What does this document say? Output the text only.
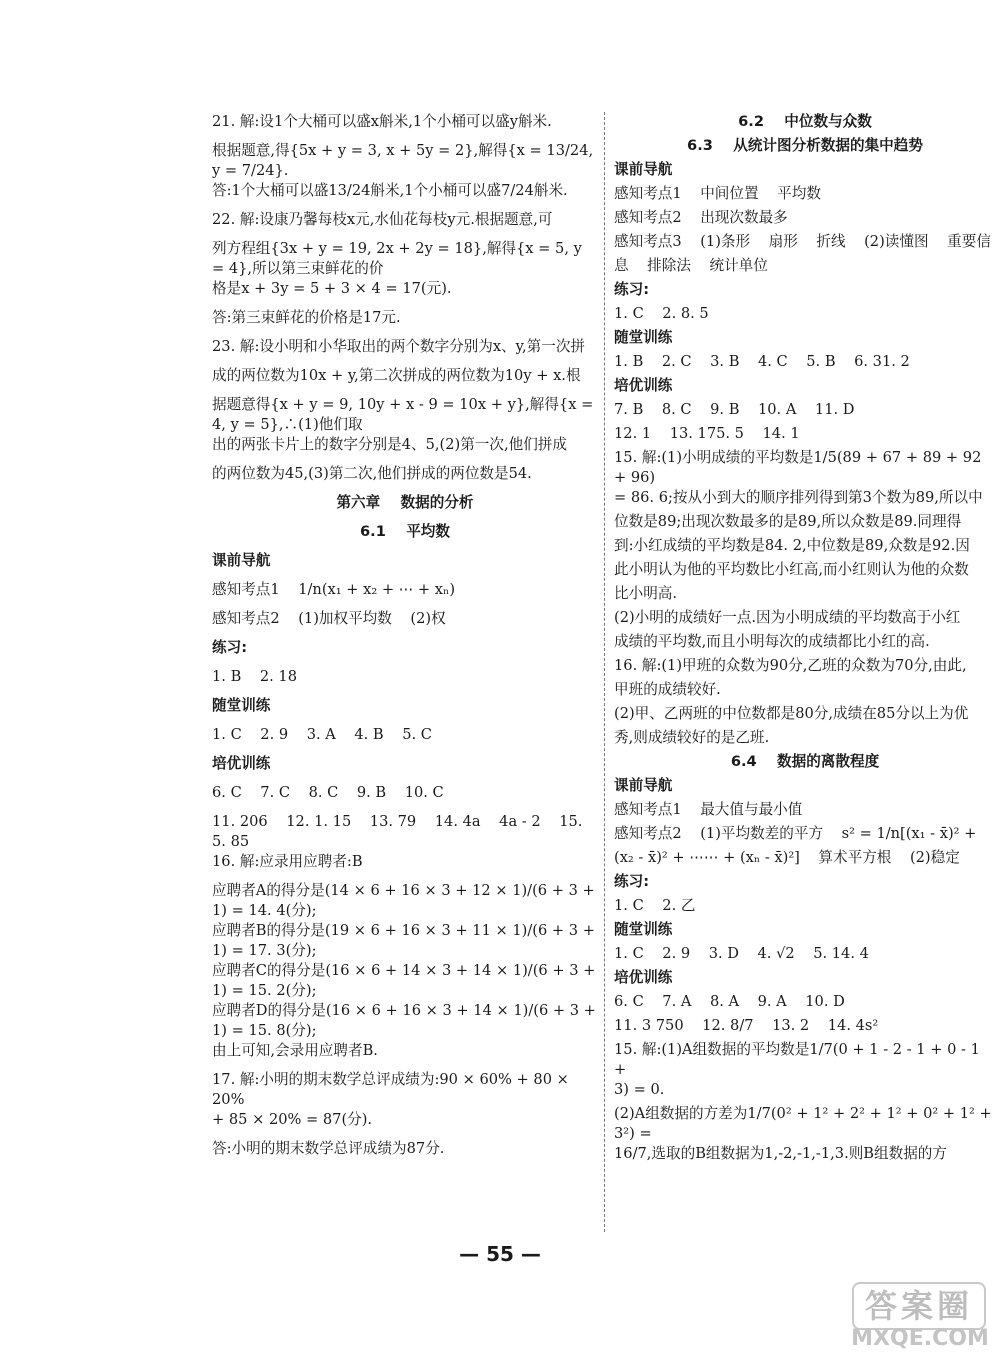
21. 解:设1个大桶可以盛x斛米,1个小桶可以盛y斛米.
根据题意,得{5x + y = 3, x + 5y = 2},解得{x = 13/24, y = 7/24}.
答:1个大桶可以盛13/24斛米,1个小桶可以盛7/24斛米.
22. 解:设康乃馨每枝x元,水仙花每枝y元.根据题意,可
列方程组{3x + y = 19, 2x + 2y = 18},解得{x = 5, y = 4},所以第三束鲜花的价
格是x + 3y = 5 + 3 × 4 = 17(元).
答:第三束鲜花的价格是17元.
23. 解:设小明和小华取出的两个数字分别为x、y,第一次拼
成的两位数为10x + y,第二次拼成的两位数为10y + x.根
据题意得{x + y = 9, 10y + x - 9 = 10x + y},解得{x = 4, y = 5},∴(1)他们取
出的两张卡片上的数字分别是4、5,(2)第一次,他们拼成
的两位数为45,(3)第二次,他们拼成的两位数是54.
第六章    数据的分析
6.1    平均数
课前导航
感知考点1    1/n(x₁ + x₂ + ⋯ + xₙ)
感知考点2    (1)加权平均数    (2)权
练习:
1. B    2. 18
随堂训练
1. C    2. 9    3. A    4. B    5. C
培优训练
6. C    7. C    8. C    9. B    10. C
11. 206    12. 1. 15    13. 79    14. 4a    4a - 2    15. 5. 85
16. 解:应录用应聘者:B
应聘者A的得分是(14 × 6 + 16 × 3 + 12 × 1)/(6 + 3 + 1) = 14. 4(分);
应聘者B的得分是(19 × 6 + 16 × 3 + 11 × 1)/(6 + 3 + 1) = 17. 3(分);
应聘者C的得分是(16 × 6 + 14 × 3 + 14 × 1)/(6 + 3 + 1) = 15. 2(分);
应聘者D的得分是(16 × 6 + 16 × 3 + 14 × 1)/(6 + 3 + 1) = 15. 8(分);
由上可知,会录用应聘者B.
17. 解:小明的期末数学总评成绩为:90 × 60% + 80 × 20%
+ 85 × 20% = 87(分).
答:小明的期末数学总评成绩为87分.
6.2    中位数与众数
6.3    从统计图分析数据的集中趋势
课前导航
感知考点1    中间位置    平均数
感知考点2    出现次数最多
感知考点3    (1)条形    扇形    折线    (2)读懂图    重要信
息    排除法    统计单位
练习:
1. C    2. 8. 5
随堂训练
1. B    2. C    3. B    4. C    5. B    6. 31. 2
培优训练
7. B    8. C    9. B    10. A    11. D
12. 1    13. 175. 5    14. 1
15. 解:(1)小明成绩的平均数是1/5(89 + 67 + 89 + 92 + 96)
= 86. 6;按从小到大的顺序排列得到第3个数为89,所以中
位数是89;出现次数最多的是89,所以众数是89.同理得
到:小红成绩的平均数是84. 2,中位数是89,众数是92.因
此小明认为他的平均数比小红高,而小红则认为他的众数
比小明高.
(2)小明的成绩好一点.因为小明成绩的平均数高于小红
成绩的平均数,而且小明每次的成绩都比小红的高.
16. 解:(1)甲班的众数为90分,乙班的众数为70分,由此,
甲班的成绩较好.
(2)甲、乙两班的中位数都是80分,成绩在85分以上为优
秀,则成绩较好的是乙班.
6.4    数据的离散程度
课前导航
感知考点1    最大值与最小值
感知考点2    (1)平均数差的平方    s² = 1/n[(x₁ - x̄)² +
(x₂ - x̄)² + ⋯⋯ + (xₙ - x̄)²]    算术平方根    (2)稳定
练习:
1. C    2. 乙
随堂训练
1. C    2. 9    3. D    4. √2    5. 14. 4
培优训练
6. C    7. A    8. A    9. A    10. D
11. 3 750    12. 8/7    13. 2    14. 4s²
15. 解:(1)A组数据的平均数是1/7(0 + 1 - 2 - 1 + 0 - 1 +
3) = 0.
(2)A组数据的方差为1/7(0² + 1² + 2² + 1² + 0² + 1² + 3²) =
16/7,选取的B组数据为1,-2,-1,-1,3.则B组数据的方
— 55 —
答案圈
MXQE.COM
